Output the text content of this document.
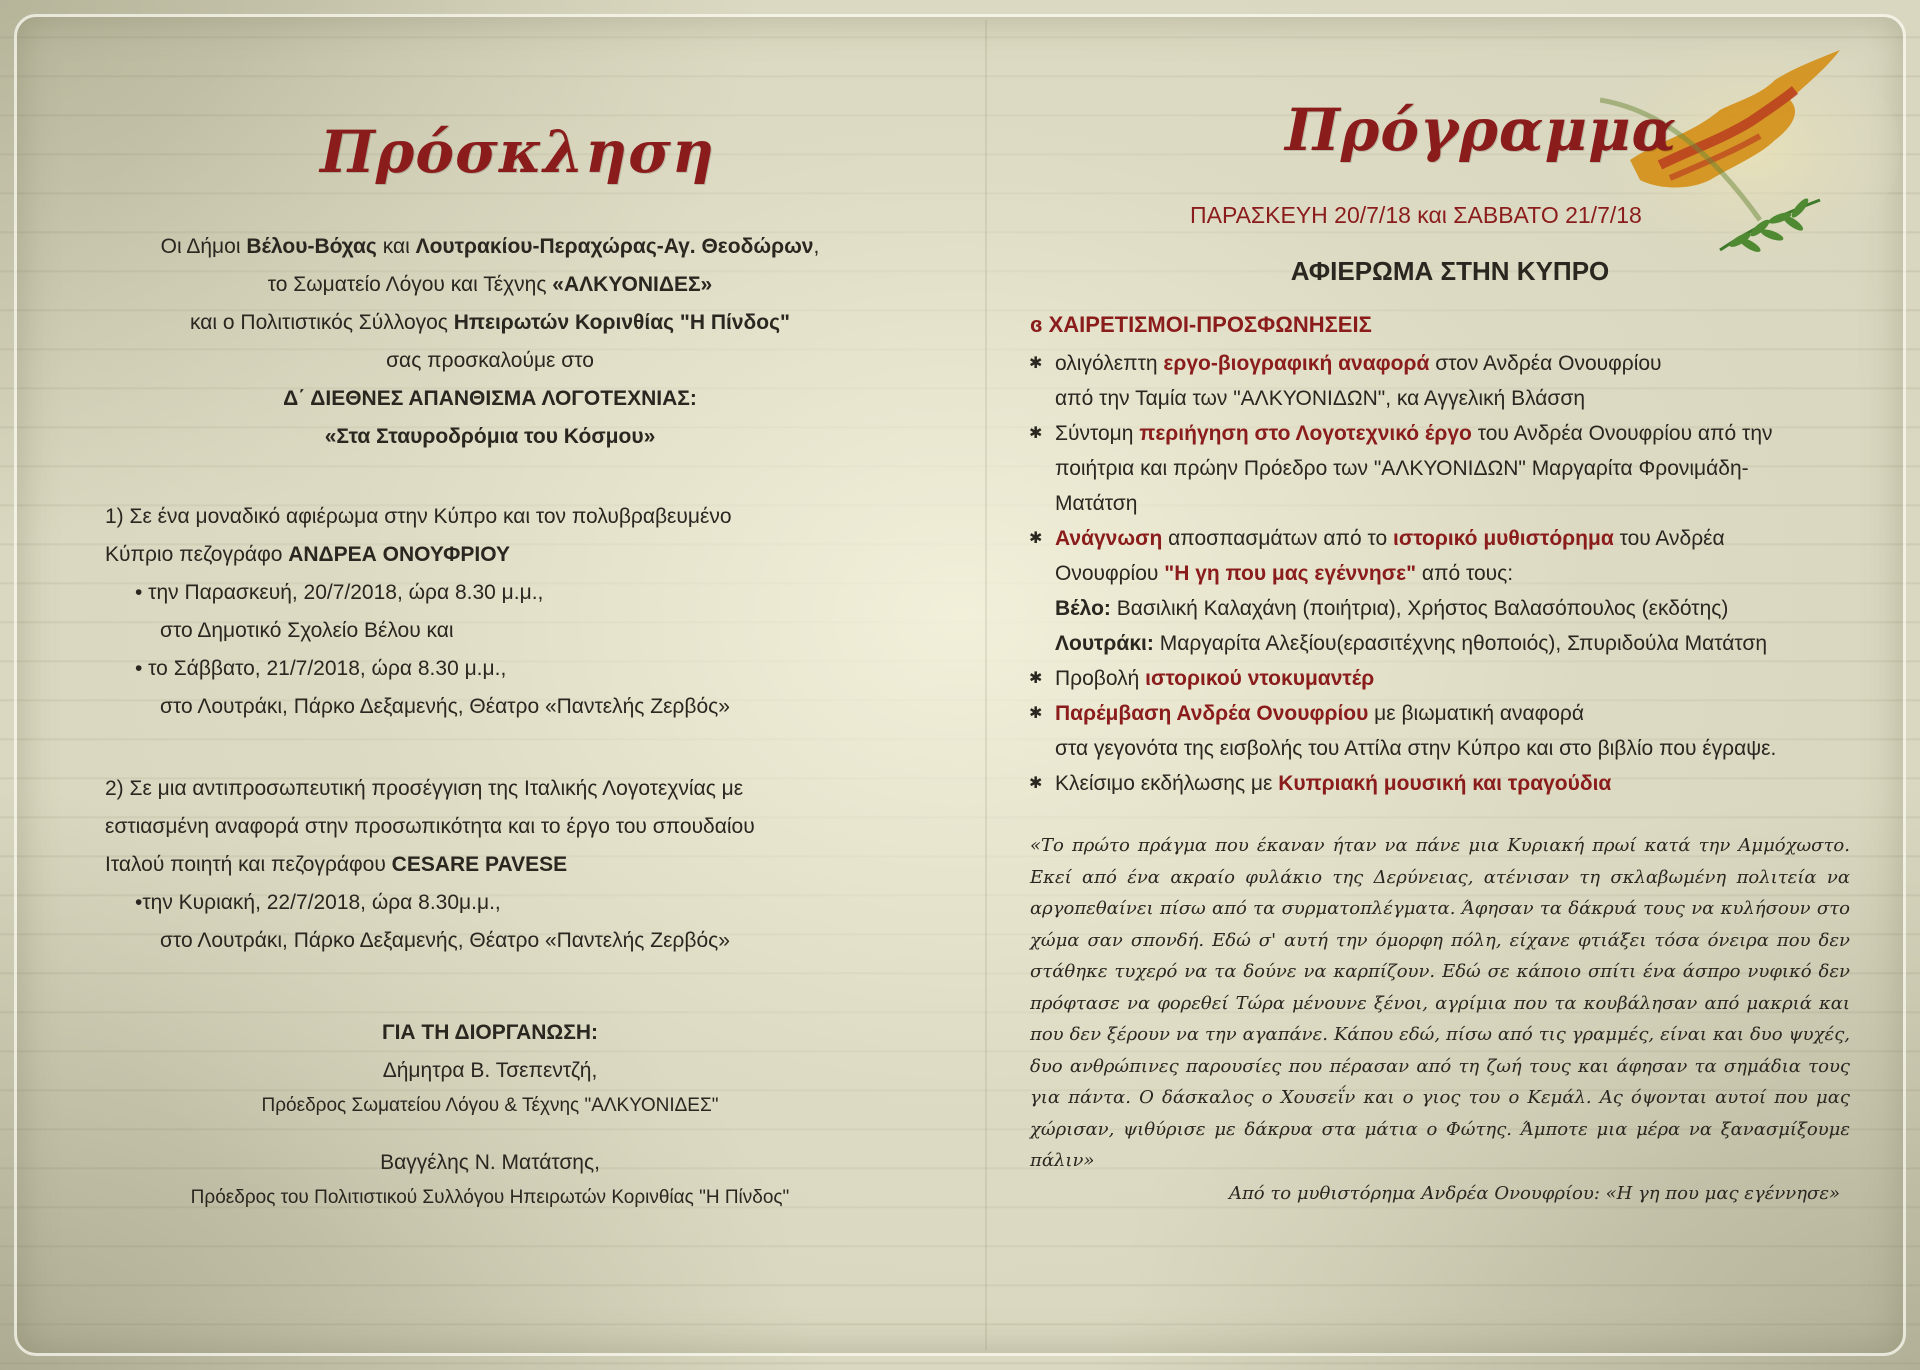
Πρόσκληση
Οι Δήμοι Βέλου-Βόχας και Λουτρακίου-Περαχώρας-Αγ. Θεοδώρων,
το Σωματείο Λόγου και Τέχνης «ΑΛΚΥΟΝΙΔΕΣ»
και ο Πολιτιστικός Σύλλογος Ηπειρωτών Κορινθίας "Η Πίνδος"
σας προσκαλούμε στο
Δ΄ ΔΙΕΘΝΕΣ ΑΠΑΝΘΙΣΜΑ ΛΟΓΟΤΕΧΝΙΑΣ:
«Στα Σταυροδρόμια του Κόσμου»
1) Σε ένα μοναδικό αφιέρωμα στην Κύπρο και τον πολυβραβευμένο
Κύπριο πεζογράφο ΑΝΔΡΕΑ ΟΝΟΥΦΡΙΟΥ
• την Παρασκευή, 20/7/2018, ώρα 8.30 μ.μ.,
στο Δημοτικό Σχολείο Βέλου και
• το Σάββατο, 21/7/2018, ώρα 8.30 μ.μ.,
στο Λουτράκι, Πάρκο Δεξαμενής, Θέατρο «Παντελής Ζερβός»
2) Σε μια αντιπροσωπευτική προσέγγιση της Ιταλικής Λογοτεχνίας με
εστιασμένη αναφορά στην προσωπικότητα και το έργο του σπουδαίου
Ιταλού ποιητή και πεζογράφου CESARE PAVESE
•την Κυριακή, 22/7/2018, ώρα 8.30μ.μ.,
στο Λουτράκι, Πάρκο Δεξαμενής, Θέατρο «Παντελής Ζερβός»
ΓΙΑ ΤΗ ΔΙΟΡΓΑΝΩΣΗ:
Δήμητρα Β. Τσεπεντζή,
Πρόεδρος Σωματείου Λόγου & Τέχνης "ΑΛΚΥΟΝΙΔΕΣ"
Βαγγέλης Ν. Ματάτσης,
Πρόεδρος του Πολιτιστικού Συλλόγου Ηπειρωτών Κορινθίας "Η Πίνδος"
Πρόγραμμα
ΠΑΡΑΣΚΕΥΗ 20/7/18 και ΣΑΒΒΑΤΟ 21/7/18
ΑΦΙΕΡΩΜΑ ΣΤΗΝ ΚΥΠΡΟ
ɞ ΧΑΙΡΕΤΙΣΜΟΙ-ΠΡΟΣΦΩΝΗΣΕΙΣ
✱ ολιγόλεπτη εργο-βιογραφική αναφορά στον Ανδρέα Ονουφρίου
από την Ταμία των "ΑΛΚΥΟΝΙΔΩΝ", κα Αγγελική Βλάσση
✱ Σύντομη περιήγηση στο Λογοτεχνικό έργο του Ανδρέα Ονουφρίου από την
ποιήτρια και πρώην Πρόεδρο των "ΑΛΚΥΟΝΙΔΩΝ" Μαργαρίτα Φρονιμάδη-
Ματάτση
✱ Ανάγνωση αποσπασμάτων από το ιστορικό μυθιστόρημα του Ανδρέα
Ονουφρίου "Η γη που μας εγέννησε" από τους:
Βέλο: Βασιλική Καλαχάνη (ποιήτρια), Χρήστος Βαλασόπουλος (εκδότης)
Λουτράκι: Μαργαρίτα Αλεξίου(ερασιτέχνης ηθοποιός), Σπυριδούλα Ματάτση
✱ Προβολή ιστορικού ντοκυμαντέρ
✱ Παρέμβαση Ανδρέα Ονουφρίου με βιωματική αναφορά
στα γεγονότα της εισβολής του Αττίλα στην Κύπρο και στο βιβλίο που έγραψε.
✱ Κλείσιμο εκδήλωσης με Κυπριακή μουσική και τραγούδια
«Το πρώτο πράγμα που έκαναν ήταν να πάνε μια Κυριακή πρωί κατά την Αμμόχωστο. Εκεί από ένα ακραίο φυλάκιο της Δερύνειας, ατένισαν τη σκλαβωμένη πολιτεία να αργοπεθαίνει πίσω από τα συρματοπλέγματα. Άφησαν τα δάκρυά τους να κυλήσουν στο χώμα σαν σπονδή. Εδώ σ' αυτή την όμορφη πόλη, είχανε φτιάξει τόσα όνειρα που δεν στάθηκε τυχερό να τα δούνε να καρπίζουν. Εδώ σε κάποιο σπίτι ένα άσπρο νυφικό δεν πρόφτασε να φορεθεί Τώρα μένουνε ξένοι, αγρίμια που τα κουβάλησαν από μακριά και που δεν ξέρουν να την αγαπάνε. Κάπου εδώ, πίσω από τις γραμμές, είναι και δυο ψυχές, δυο ανθρώπινες παρουσίες που πέρασαν από τη ζωή τους και άφησαν τα σημάδια τους για πάντα. Ο δάσκαλος ο Χουσεΐν και ο γιος του ο Κεμάλ. Ας όψονται αυτοί που μας χώρισαν, ψιθύρισε με δάκρυα στα μάτια ο Φώτης. Άμποτε μια μέρα να ξανασμίξουμε πάλιν»
Από το μυθιστόρημα Ανδρέα Ονουφρίου: «Η γη που μας εγέννησε»
